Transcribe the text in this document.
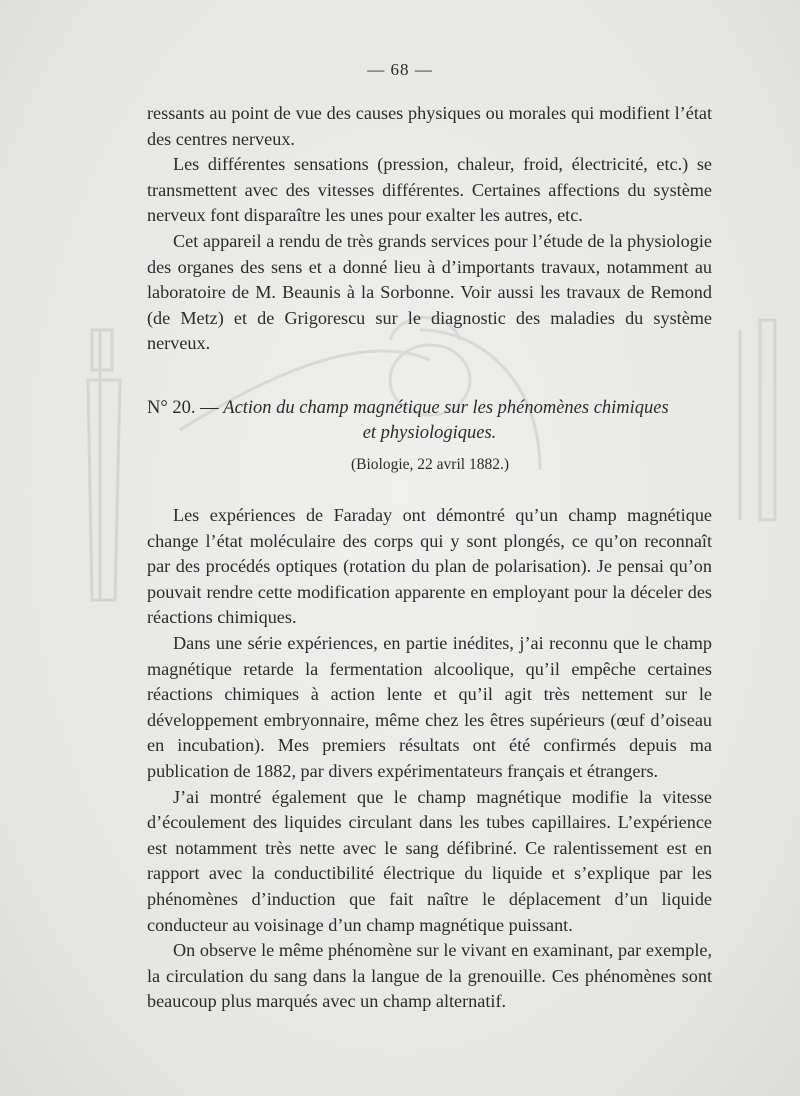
— 68 —

ressants au point de vue des causes physiques ou morales qui modifient l’état des centres nerveux.

Les différentes sensations (pression, chaleur, froid, électricité, etc.) se transmettent avec des vitesses différentes. Certaines affections du système nerveux font disparaître les unes pour exalter les autres, etc.

Cet appareil a rendu de très grands services pour l’étude de la physiologie des organes des sens et a donné lieu à d’importants travaux, notamment au laboratoire de M. Beaunis à la Sorbonne. Voir aussi les travaux de Remond (de Metz) et de Grigorescu sur le diagnostic des maladies du système nerveux.

N° 20. — Action du champ magnétique sur les phénomènes chimiques
et physiologiques.
(Biologie, 22 avril 1882.)

Les expériences de Faraday ont démontré qu’un champ magnétique change l’état moléculaire des corps qui y sont plongés, ce qu’on reconnaît par des procédés optiques (rotation du plan de polarisation). Je pensai qu’on pouvait rendre cette modification apparente en employant pour la déceler des réactions chimiques.

Dans une série expériences, en partie inédites, j’ai reconnu que le champ magnétique retarde la fermentation alcoolique, qu’il empêche certaines réactions chimiques à action lente et qu’il agit très nettement sur le développement embryonnaire, même chez les êtres supérieurs (œuf d’oiseau en incubation). Mes premiers résultats ont été confirmés depuis ma publication de 1882, par divers expérimentateurs français et étrangers.

J’ai montré également que le champ magnétique modifie la vitesse d’écoulement des liquides circulant dans les tubes capillaires. L’expérience est notamment très nette avec le sang défibriné. Ce ralentissement est en rapport avec la conductibilité électrique du liquide et s’explique par les phénomènes d’induction que fait naître le déplacement d’un liquide conducteur au voisinage d’un champ magnétique puissant.

On observe le même phénomène sur le vivant en examinant, par exemple, la circulation du sang dans la langue de la grenouille. Ces phénomènes sont beaucoup plus marqués avec un champ alternatif.
